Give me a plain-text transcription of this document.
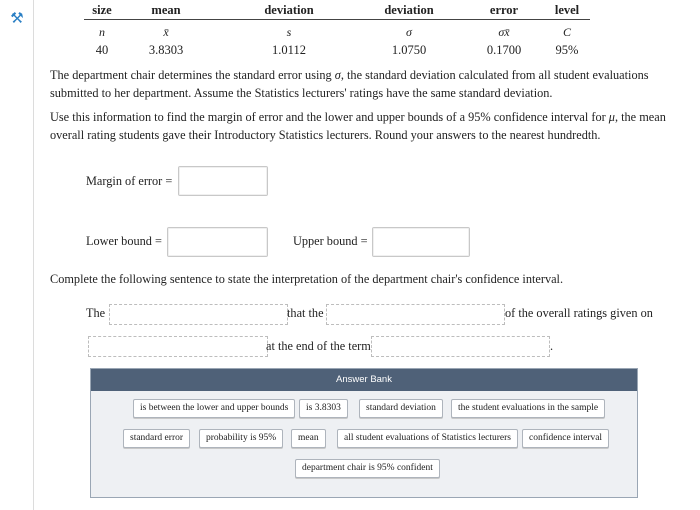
⚒	size	mean	deviation	deviation	error	level
n	x̄	s	σ	σx̄	C
40	3.8303	1.0112	1.0750	0.1700	95%
The department chair determines the standard error using σ, the standard deviation calculated from all student evaluations submitted to her department. Assume the Statistics lecturers' ratings have the same standard deviation.
Use this information to find the margin of error and the lower and upper bounds of a 95% confidence interval for μ, the mean overall rating students gave their Introductory Statistics lecturers. Round your answers to the nearest hundredth.
Margin of error =
Lower bound =	Upper bound =
Complete the following sentence to state the interpretation of the department chair's confidence interval.
The	that the	of the overall ratings given on
at the end of the term	.
Answer Bank
is between the lower and upper bounds	is 3.8303	standard deviation	the student evaluations in the sample
standard error	probability is 95%	mean	all student evaluations of Statistics lecturers	confidence interval
department chair is 95% confident
